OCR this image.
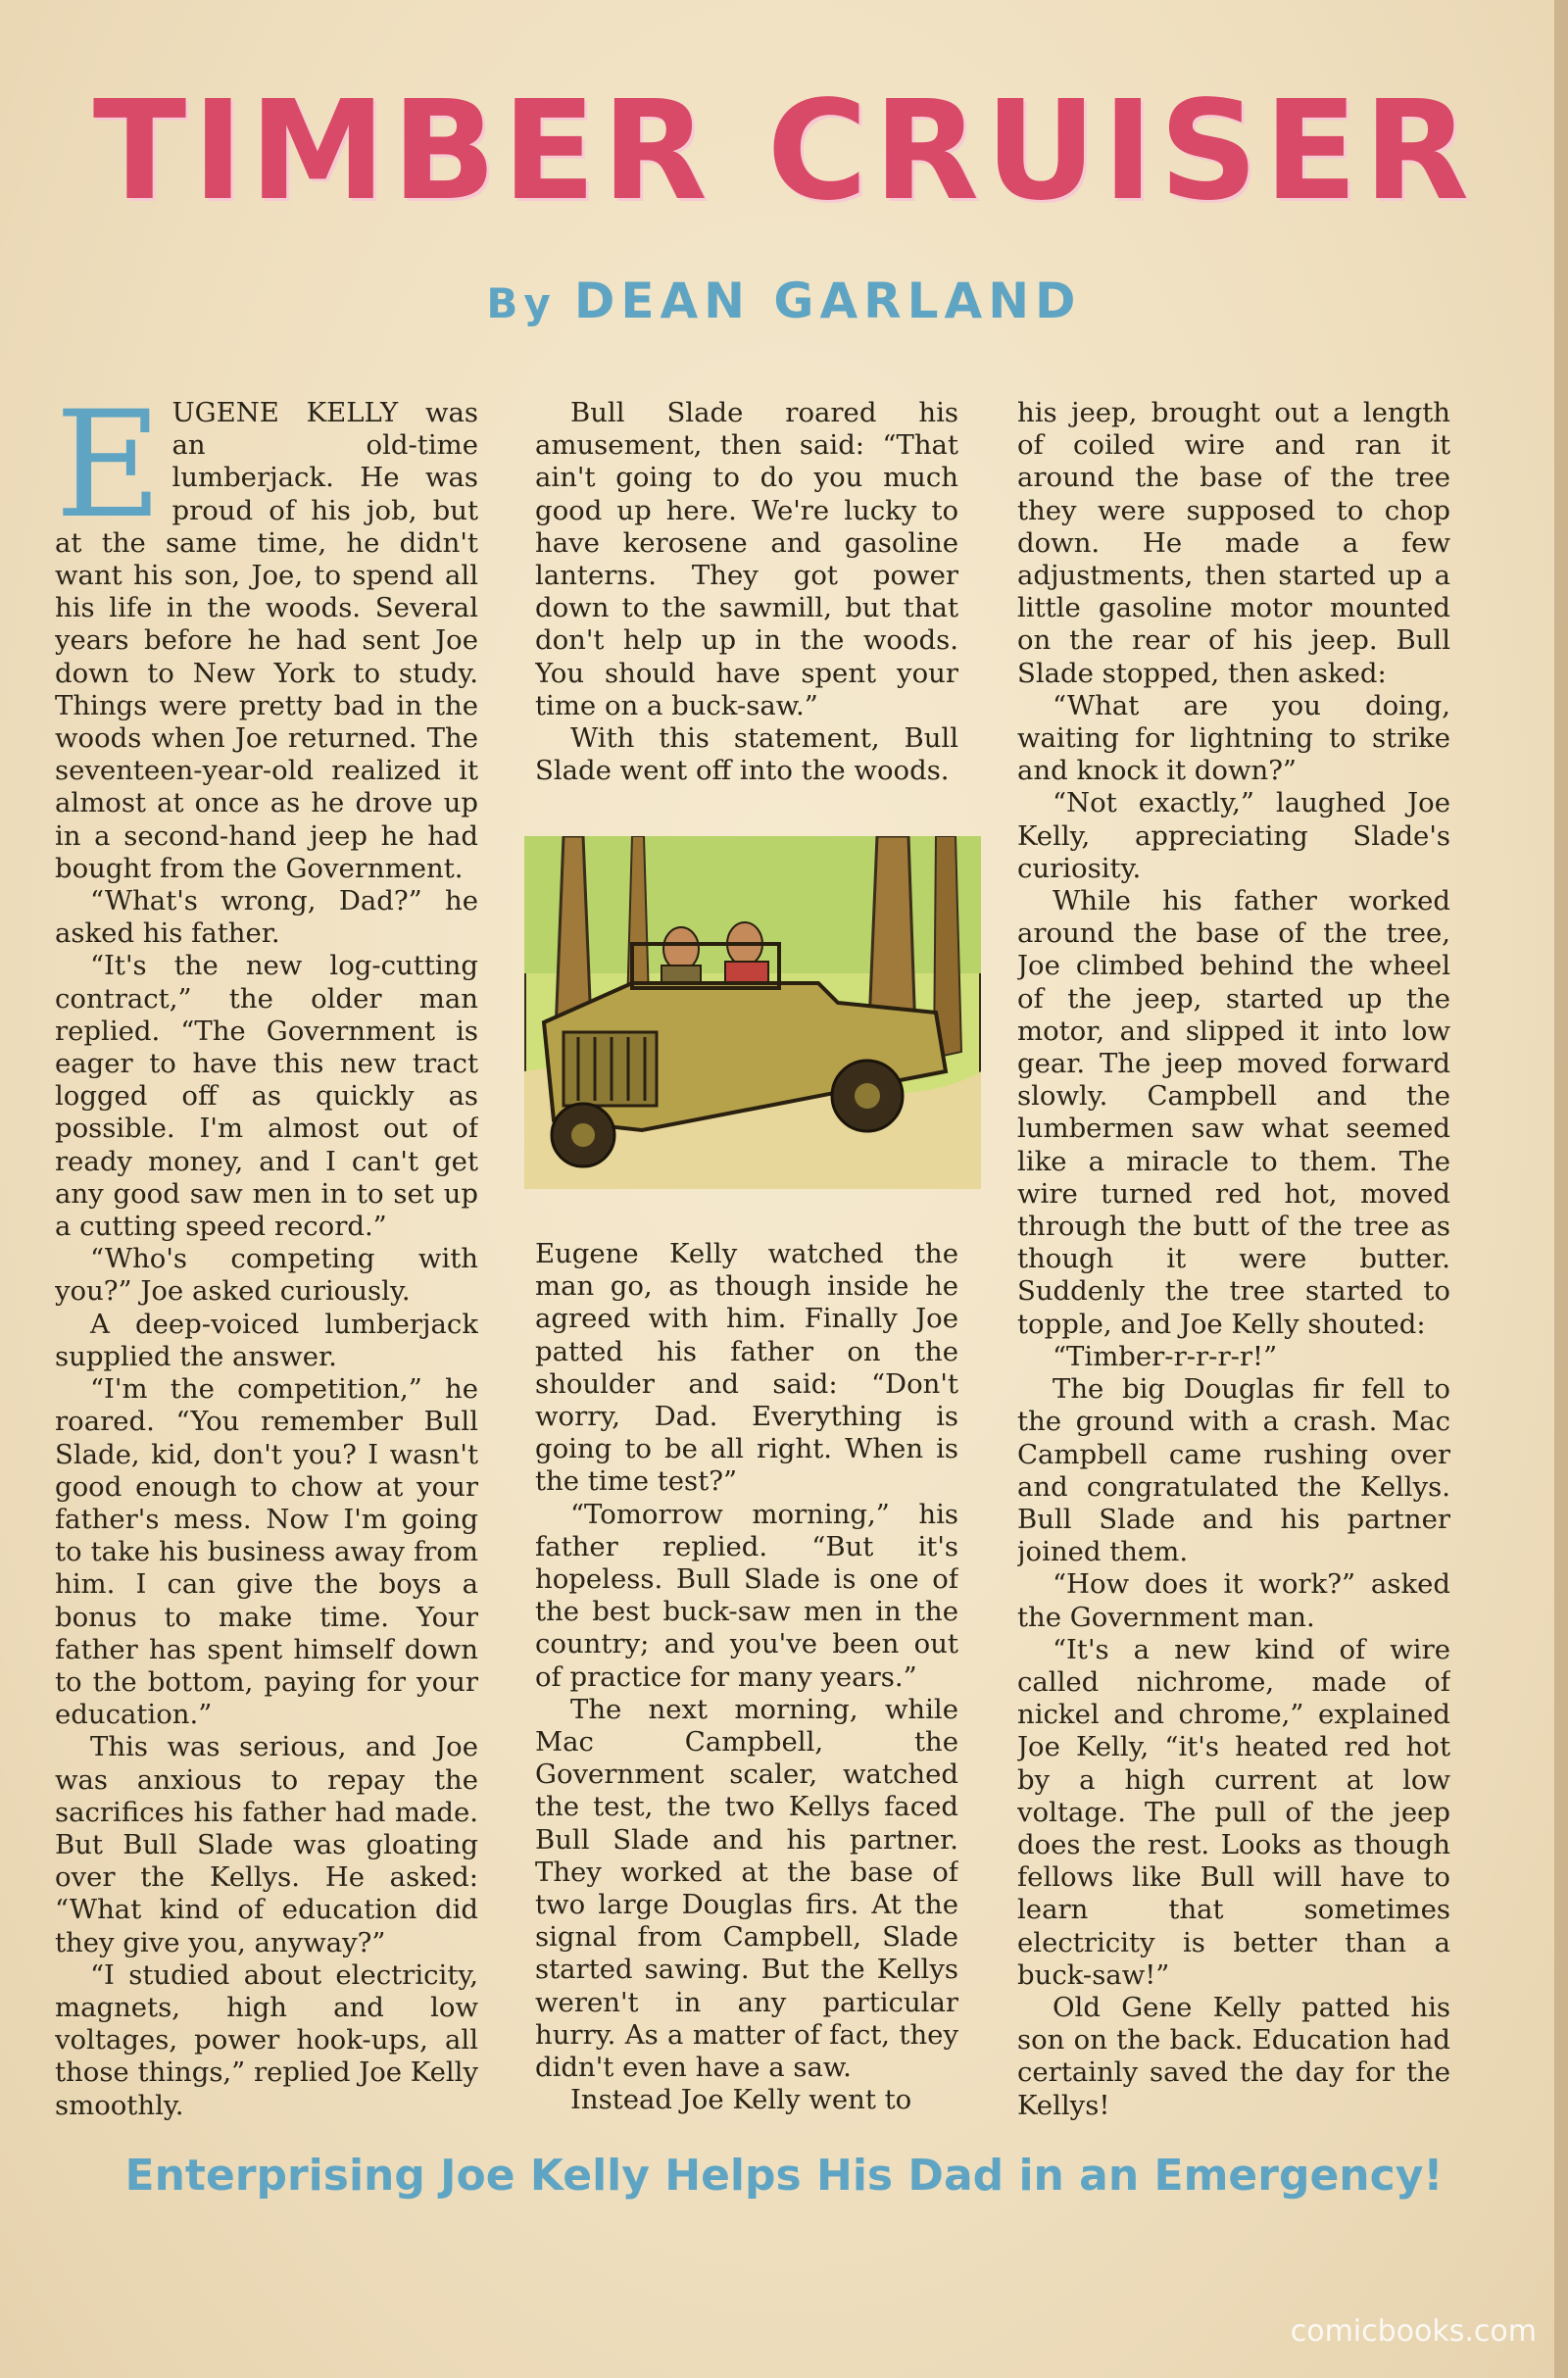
TIMBER CRUISER
By DEAN GARLAND

EUGENE KELLY was an old-time lumberjack. He was proud of his job, but at the same time, he didn't want his son, Joe, to spend all his life in the woods. Several years before he had sent Joe down to New York to study. Things were pretty bad in the woods when Joe returned. The seventeen-year-old realized it almost at once as he drove up in a second-hand jeep he had bought from the Government.

“What's wrong, Dad?” he asked his father.

“It's the new log-cutting contract,” the older man replied. “The Government is eager to have this new tract logged off as quickly as possible. I'm almost out of ready money, and I can't get any good saw men in to set up a cutting speed record.”

“Who's competing with you?” Joe asked curiously.

A deep-voiced lumberjack supplied the answer.

“I'm the competition,” he roared. “You remember Bull Slade, kid, don't you? I wasn't good enough to chow at your father's mess. Now I'm going to take his business away from him. I can give the boys a bonus to make time. Your father has spent himself down to the bottom, paying for your education.”

This was serious, and Joe was anxious to repay the sacrifices his father had made. But Bull Slade was gloating over the Kellys. He asked: “What kind of education did they give you, anyway?”

“I studied about electricity, magnets, high and low voltages, power hook-ups, all those things,” replied Joe Kelly smoothly.

Bull Slade roared his amusement, then said: “That ain't going to do you much good up here. We're lucky to have kerosene and gasoline lanterns. They got power down to the sawmill, but that don't help up in the woods. You should have spent your time on a buck-saw.”

With this statement, Bull Slade went off into the woods.

Eugene Kelly watched the man go, as though inside he agreed with him. Finally Joe patted his father on the shoulder and said: “Don't worry, Dad. Everything is going to be all right. When is the time test?”

“Tomorrow morning,” his father replied. “But it's hopeless. Bull Slade is one of the best buck-saw men in the country; and you've been out of practice for many years.”

The next morning, while Mac Campbell, the Government scaler, watched the test, the two Kellys faced Bull Slade and his partner. They worked at the base of two large Douglas firs. At the signal from Campbell, Slade started sawing. But the Kellys weren't in any particular hurry. As a matter of fact, they didn't even have a saw.

Instead Joe Kelly went to

his jeep, brought out a length of coiled wire and ran it around the base of the tree they were supposed to chop down. He made a few adjustments, then started up a little gasoline motor mounted on the rear of his jeep. Bull Slade stopped, then asked:

“What are you doing, waiting for lightning to strike and knock it down?”

“Not exactly,” laughed Joe Kelly, appreciating Slade's curiosity.

While his father worked around the base of the tree, Joe climbed behind the wheel of the jeep, started up the motor, and slipped it into low gear. The jeep moved forward slowly. Campbell and the lumbermen saw what seemed like a miracle to them. The wire turned red hot, moved through the butt of the tree as though it were butter. Suddenly the tree started to topple, and Joe Kelly shouted:

“Timber-r-r-r-r!”

The big Douglas fir fell to the ground with a crash. Mac Campbell came rushing over and congratulated the Kellys. Bull Slade and his partner joined them.

“How does it work?” asked the Government man.

“It's a new kind of wire called nichrome, made of nickel and chrome,” explained Joe Kelly, “it's heated red hot by a high current at low voltage. The pull of the jeep does the rest. Looks as though fellows like Bull will have to learn that sometimes electricity is better than a buck-saw!”

Old Gene Kelly patted his son on the back. Education had certainly saved the day for the Kellys!

Enterprising Joe Kelly Helps His Dad in an Emergency!
comicbooks.com
